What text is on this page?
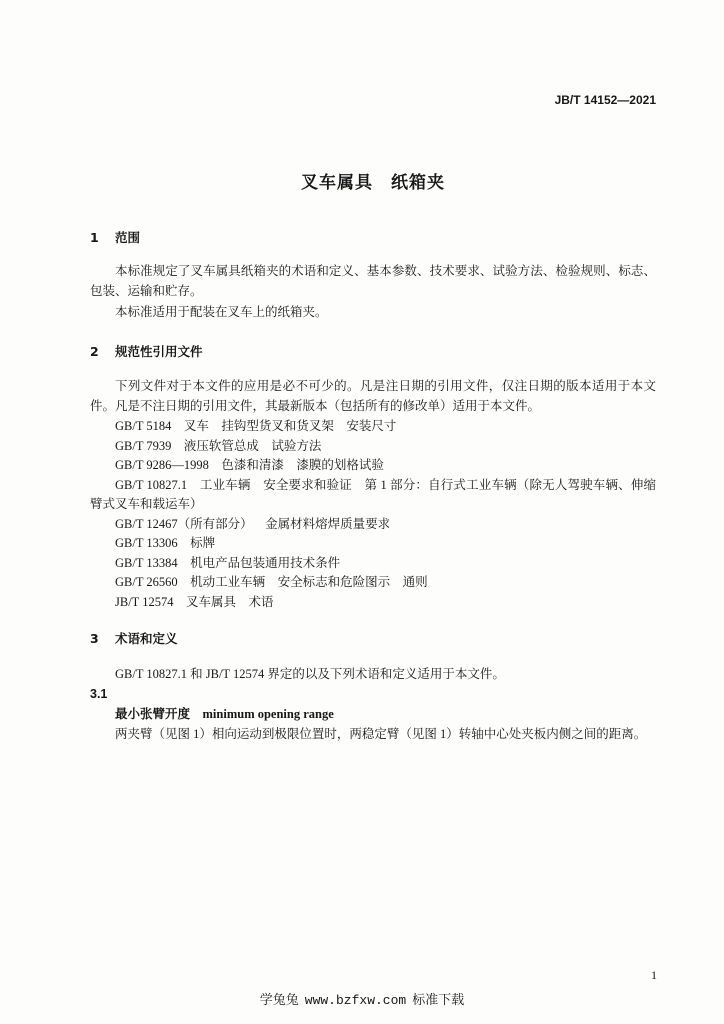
JB/T 14152—2021
叉车属具　纸箱夹
1 范围

本标准规定了叉车属具纸箱夹的术语和定义、基本参数、技术要求、试验方法、检验规则、标志、包装、运输和贮存。

本标准适用于配装在叉车上的纸箱夹。

2 规范性引用文件

下列文件对于本文件的应用是必不可少的。凡是注日期的引用文件，仅注日期的版本适用于本文件。凡是不注日期的引用文件，其最新版本（包括所有的修改单）适用于本文件。

GB/T 5184 叉车　挂钩型货叉和货叉架　安装尺寸

GB/T 7939 液压软管总成　试验方法

GB/T 9286—1998 色漆和清漆　漆膜的划格试验

GB/T 10827.1 工业车辆　安全要求和验证　第 1 部分：自行式工业车辆（除无人驾驶车辆、伸缩臂式叉车和载运车）

GB/T 12467（所有部分） 金属材料熔焊质量要求

GB/T 13306 标牌

GB/T 13384 机电产品包装通用技术条件

GB/T 26560 机动工业车辆　安全标志和危险图示　通则

JB/T 12574 叉车属具　术语

3 术语和定义

GB/T 10827.1 和 JB/T 12574 界定的以及下列术语和定义适用于本文件。

3.1

最小张臂开度 minimum opening range

两夹臂（见图 1）相向运动到极限位置时，两稳定臂（见图 1）转轴中心处夹板内侧之间的距离。

1
学兔兔 www.bzfxw.com 标准下载
